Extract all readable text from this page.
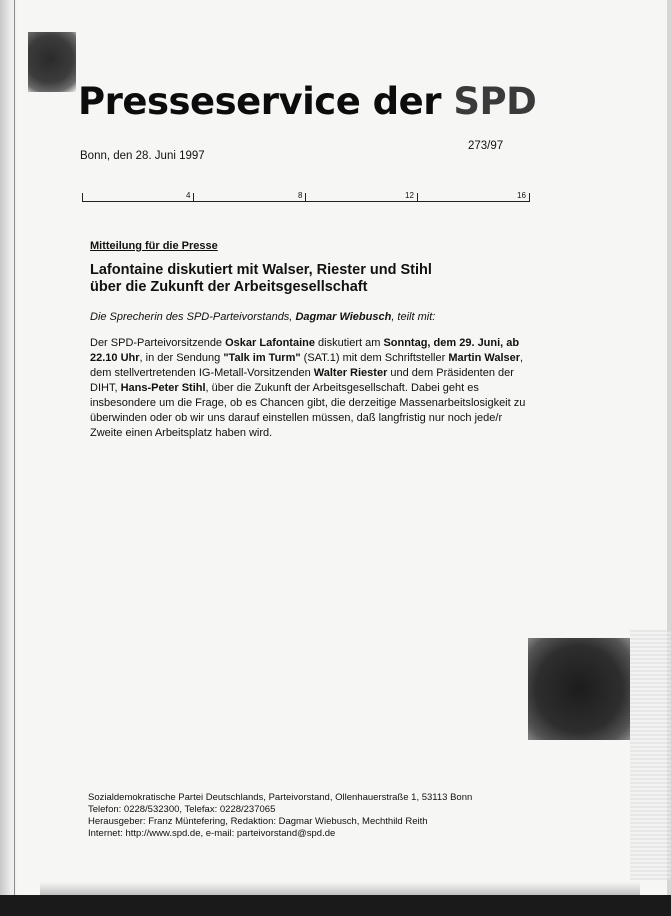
Presseservice der SPD
Bonn, den 28. Juni 1997
273/97
4	8	12	16
Mitteilung für die Presse
Lafontaine diskutiert mit Walser, Riester und Stihl
über die Zukunft der Arbeitsgesellschaft
Die Sprecherin des SPD-Parteivorstands, Dagmar Wiebusch, teilt mit:
Der SPD-Parteivorsitzende Oskar Lafontaine diskutiert am Sonntag, dem 29. Juni, ab 22.10 Uhr, in der Sendung "Talk im Turm" (SAT.1) mit dem Schriftsteller Martin Walser, dem stellvertretenden IG-Metall-Vorsitzenden Walter Riester und dem Präsidenten der DIHT, Hans-Peter Stihl, über die Zukunft der Arbeitsgesellschaft. Dabei geht es insbesondere um die Frage, ob es Chancen gibt, die derzeitige Massenarbeitslosigkeit zu überwinden oder ob wir uns darauf einstellen müssen, daß langfristig nur noch jede/r Zweite einen Arbeitsplatz haben wird.
Sozialdemokratische Partei Deutschlands, Parteivorstand, Ollenhauerstraße 1, 53113 Bonn
Telefon: 0228/532300, Telefax: 0228/237065
Herausgeber: Franz Müntefering, Redaktion: Dagmar Wiebusch, Mechthild Reith
Internet: http://www.spd.de, e-mail: parteivorstand@spd.de
